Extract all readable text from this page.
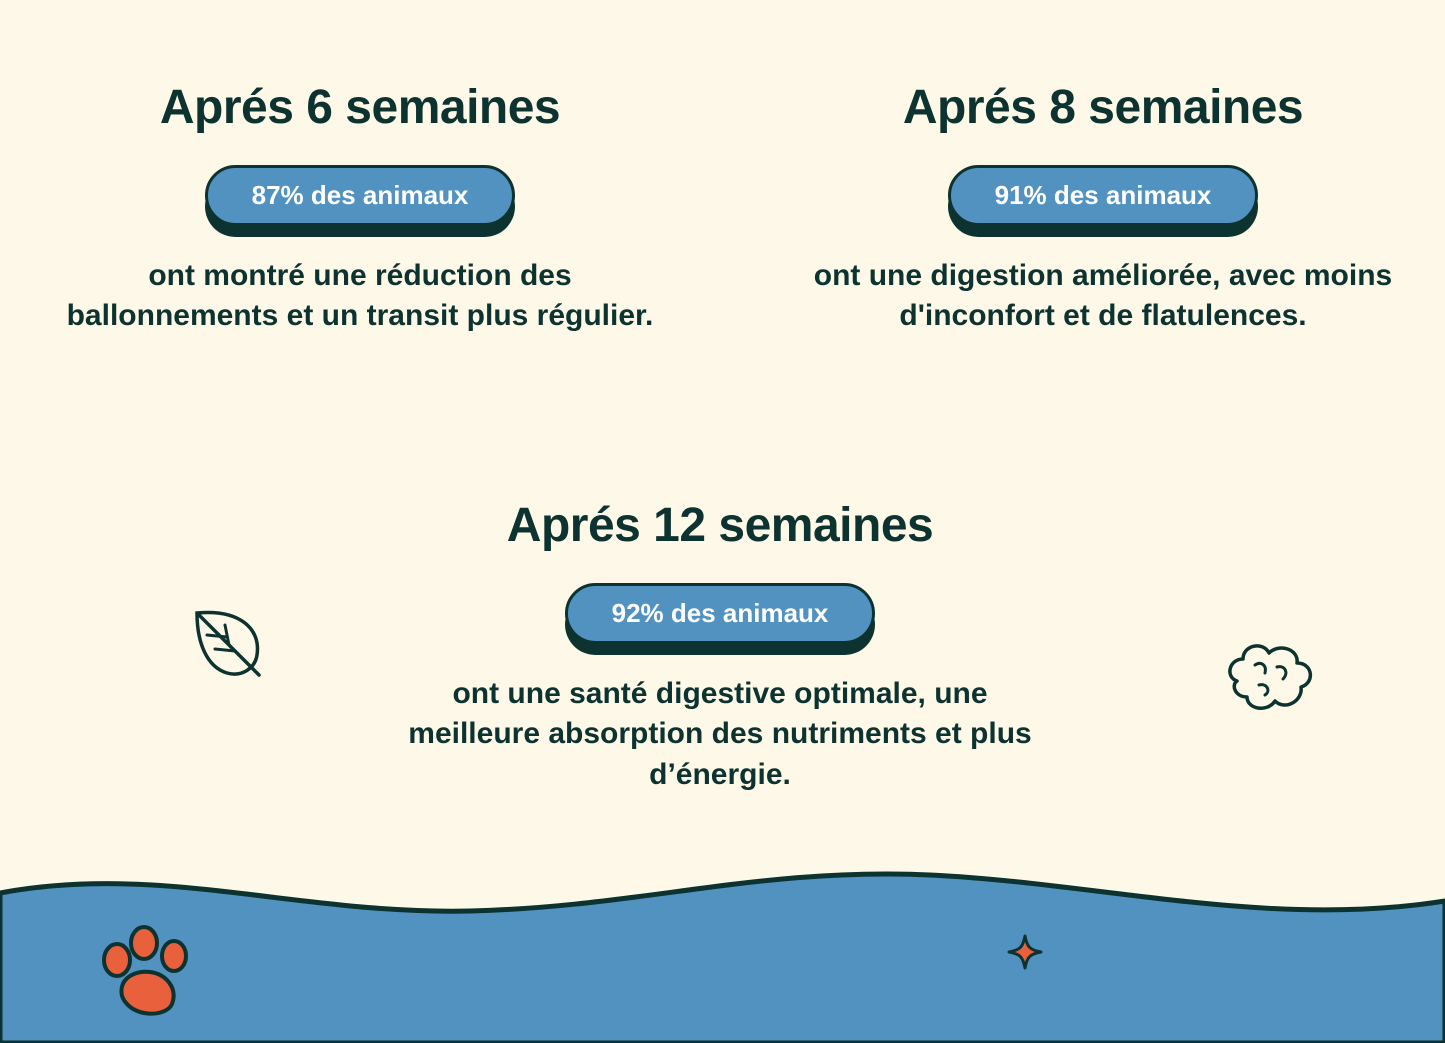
Aprés 6 semaines
87% des animaux

ont montré une réduction des ballonnements et un transit plus régulier.

Aprés 8 semaines
91% des animaux

ont une digestion améliorée, avec moins d'inconfort et de flatulences.

Aprés 12 semaines
92% des animaux

ont une santé digestive optimale, une meilleure absorption des nutriments et plus d’énergie.
